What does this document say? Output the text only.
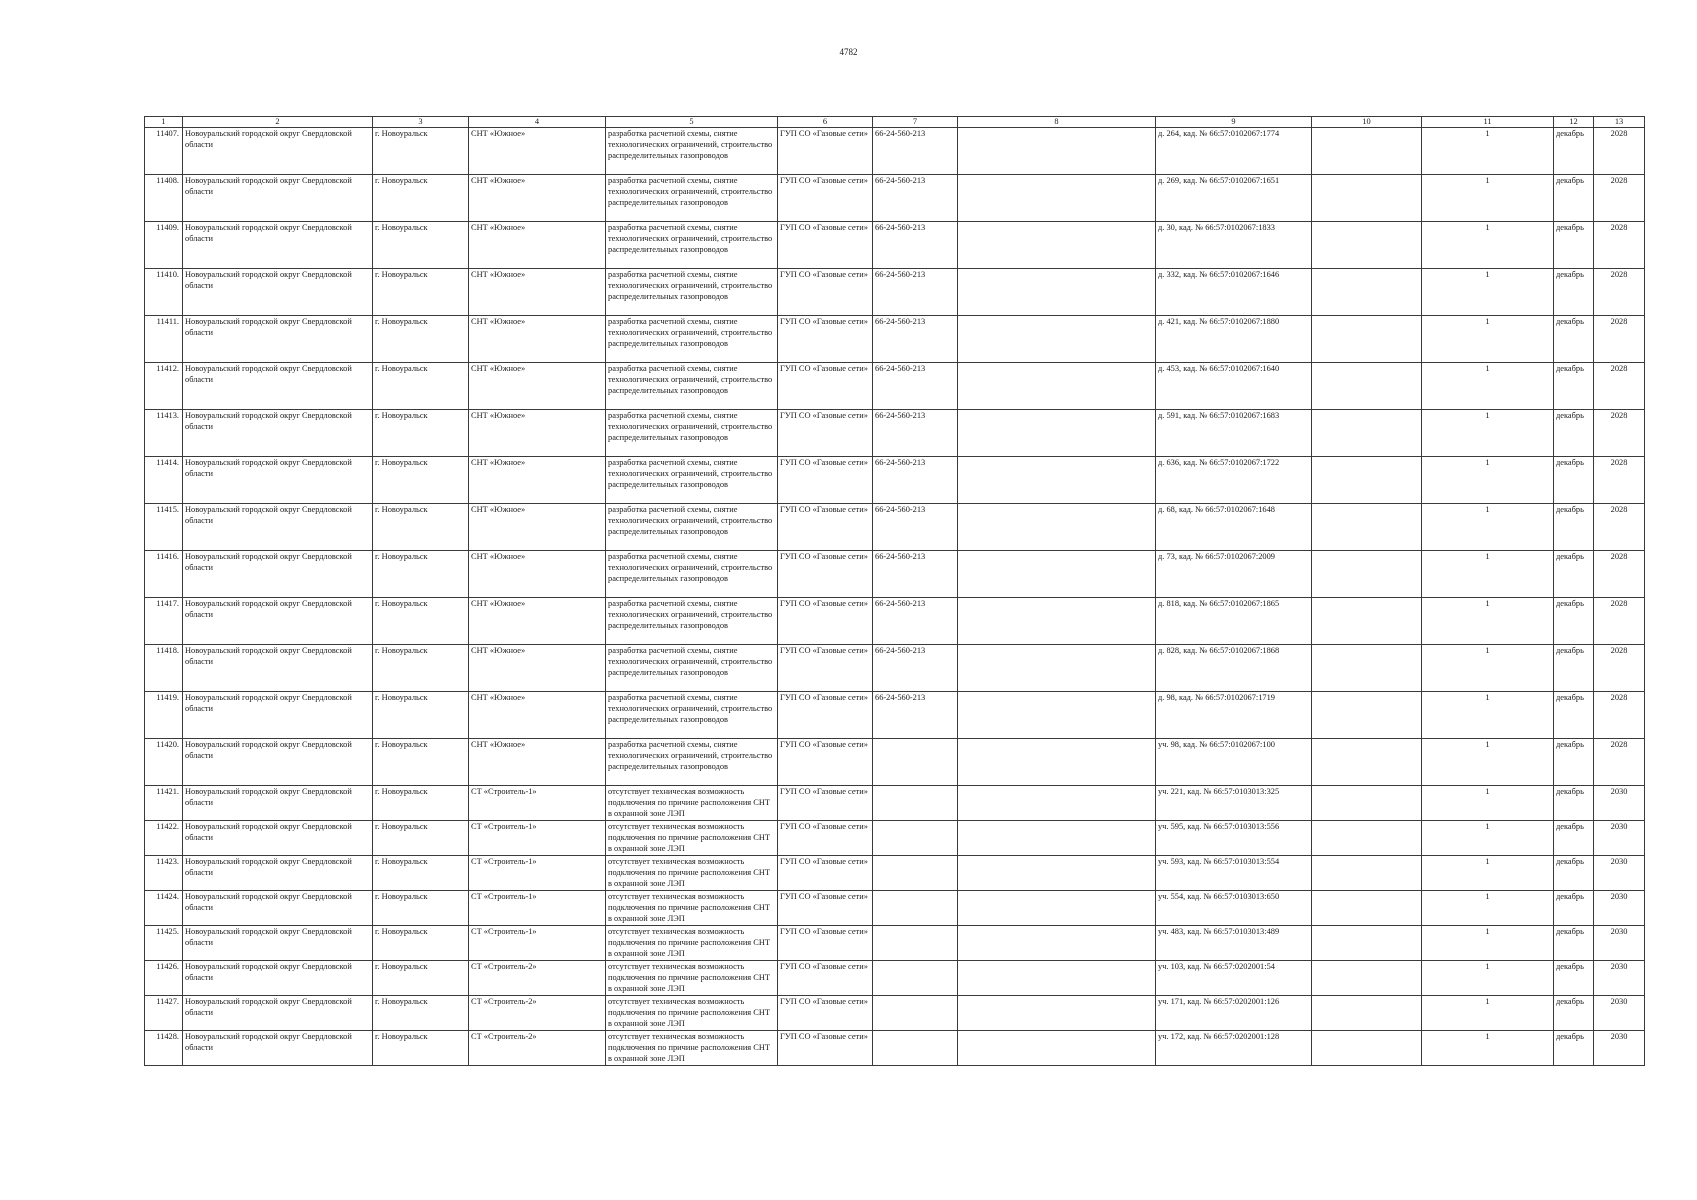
4782
1	2	3	4	5	6	7	8	9	10	11	12	13
11407.	Новоуральский городской округ Свердловской области	г. Новоуральск	СНТ «Южное»	разработка расчетной схемы, снятие технологических ограничений, строительство распределительных газопроводов	ГУП СО «Газовые сети»	66-24-560-213		д. 264, кад. № 66:57:0102067:1774		1	декабрь	2028
11408.	Новоуральский городской округ Свердловской области	г. Новоуральск	СНТ «Южное»	разработка расчетной схемы, снятие технологических ограничений, строительство распределительных газопроводов	ГУП СО «Газовые сети»	66-24-560-213		д. 269, кад. № 66:57:0102067:1651		1	декабрь	2028
11409.	Новоуральский городской округ Свердловской области	г. Новоуральск	СНТ «Южное»	разработка расчетной схемы, снятие технологических ограничений, строительство распределительных газопроводов	ГУП СО «Газовые сети»	66-24-560-213		д. 30, кад. № 66:57:0102067:1833		1	декабрь	2028
11410.	Новоуральский городской округ Свердловской области	г. Новоуральск	СНТ «Южное»	разработка расчетной схемы, снятие технологических ограничений, строительство распределительных газопроводов	ГУП СО «Газовые сети»	66-24-560-213		д. 332, кад. № 66:57:0102067:1646		1	декабрь	2028
11411.	Новоуральский городской округ Свердловской области	г. Новоуральск	СНТ «Южное»	разработка расчетной схемы, снятие технологических ограничений, строительство распределительных газопроводов	ГУП СО «Газовые сети»	66-24-560-213		д. 421, кад. № 66:57:0102067:1880		1	декабрь	2028
11412.	Новоуральский городской округ Свердловской области	г. Новоуральск	СНТ «Южное»	разработка расчетной схемы, снятие технологических ограничений, строительство распределительных газопроводов	ГУП СО «Газовые сети»	66-24-560-213		д. 453, кад. № 66:57:0102067:1640		1	декабрь	2028
11413.	Новоуральский городской округ Свердловской области	г. Новоуральск	СНТ «Южное»	разработка расчетной схемы, снятие технологических ограничений, строительство распределительных газопроводов	ГУП СО «Газовые сети»	66-24-560-213		д. 591, кад. № 66:57:0102067:1683		1	декабрь	2028
11414.	Новоуральский городской округ Свердловской области	г. Новоуральск	СНТ «Южное»	разработка расчетной схемы, снятие технологических ограничений, строительство распределительных газопроводов	ГУП СО «Газовые сети»	66-24-560-213		д. 636, кад. № 66:57:0102067:1722		1	декабрь	2028
11415.	Новоуральский городской округ Свердловской области	г. Новоуральск	СНТ «Южное»	разработка расчетной схемы, снятие технологических ограничений, строительство распределительных газопроводов	ГУП СО «Газовые сети»	66-24-560-213		д. 68, кад. № 66:57:0102067:1648		1	декабрь	2028
11416.	Новоуральский городской округ Свердловской области	г. Новоуральск	СНТ «Южное»	разработка расчетной схемы, снятие технологических ограничений, строительство распределительных газопроводов	ГУП СО «Газовые сети»	66-24-560-213		д. 73, кад. № 66:57:0102067:2009		1	декабрь	2028
11417.	Новоуральский городской округ Свердловской области	г. Новоуральск	СНТ «Южное»	разработка расчетной схемы, снятие технологических ограничений, строительство распределительных газопроводов	ГУП СО «Газовые сети»	66-24-560-213		д. 818, кад. № 66:57:0102067:1865		1	декабрь	2028
11418.	Новоуральский городской округ Свердловской области	г. Новоуральск	СНТ «Южное»	разработка расчетной схемы, снятие технологических ограничений, строительство распределительных газопроводов	ГУП СО «Газовые сети»	66-24-560-213		д. 828, кад. № 66:57:0102067:1868		1	декабрь	2028
11419.	Новоуральский городской округ Свердловской области	г. Новоуральск	СНТ «Южное»	разработка расчетной схемы, снятие технологических ограничений, строительство распределительных газопроводов	ГУП СО «Газовые сети»	66-24-560-213		д. 98, кад. № 66:57:0102067:1719		1	декабрь	2028
11420.	Новоуральский городской округ Свердловской области	г. Новоуральск	СНТ «Южное»	разработка расчетной схемы, снятие технологических ограничений, строительство распределительных газопроводов	ГУП СО «Газовые сети»			уч. 98, кад. № 66:57:0102067:100		1	декабрь	2028
11421.	Новоуральский городской округ Свердловской области	г. Новоуральск	СТ «Строитель-1»	отсутствует техническая возможность подключения по причине расположения СНТ в охранной зоне ЛЭП	ГУП СО «Газовые сети»			уч. 221, кад. № 66:57:0103013:325		1	декабрь	2030
11422.	Новоуральский городской округ Свердловской области	г. Новоуральск	СТ «Строитель-1»	отсутствует техническая возможность подключения по причине расположения СНТ в охранной зоне ЛЭП	ГУП СО «Газовые сети»			уч. 595, кад. № 66:57:0103013:556		1	декабрь	2030
11423.	Новоуральский городской округ Свердловской области	г. Новоуральск	СТ «Строитель-1»	отсутствует техническая возможность подключения по причине расположения СНТ в охранной зоне ЛЭП	ГУП СО «Газовые сети»			уч. 593, кад. № 66:57:0103013:554		1	декабрь	2030
11424.	Новоуральский городской округ Свердловской области	г. Новоуральск	СТ «Строитель-1»	отсутствует техническая возможность подключения по причине расположения СНТ в охранной зоне ЛЭП	ГУП СО «Газовые сети»			уч. 554, кад. № 66:57:0103013:650		1	декабрь	2030
11425.	Новоуральский городской округ Свердловской области	г. Новоуральск	СТ «Строитель-1»	отсутствует техническая возможность подключения по причине расположения СНТ в охранной зоне ЛЭП	ГУП СО «Газовые сети»			уч. 483, кад. № 66:57:0103013:489		1	декабрь	2030
11426.	Новоуральский городской округ Свердловской области	г. Новоуральск	СТ «Строитель-2»	отсутствует техническая возможность подключения по причине расположения СНТ в охранной зоне ЛЭП	ГУП СО «Газовые сети»			уч. 103, кад. № 66:57:0202001:54		1	декабрь	2030
11427.	Новоуральский городской округ Свердловской области	г. Новоуральск	СТ «Строитель-2»	отсутствует техническая возможность подключения по причине расположения СНТ в охранной зоне ЛЭП	ГУП СО «Газовые сети»			уч. 171, кад. № 66:57:0202001:126		1	декабрь	2030
11428.	Новоуральский городской округ Свердловской области	г. Новоуральск	СТ «Строитель-2»	отсутствует техническая возможность подключения по причине расположения СНТ в охранной зоне ЛЭП	ГУП СО «Газовые сети»			уч. 172, кад. № 66:57:0202001:128		1	декабрь	2030
